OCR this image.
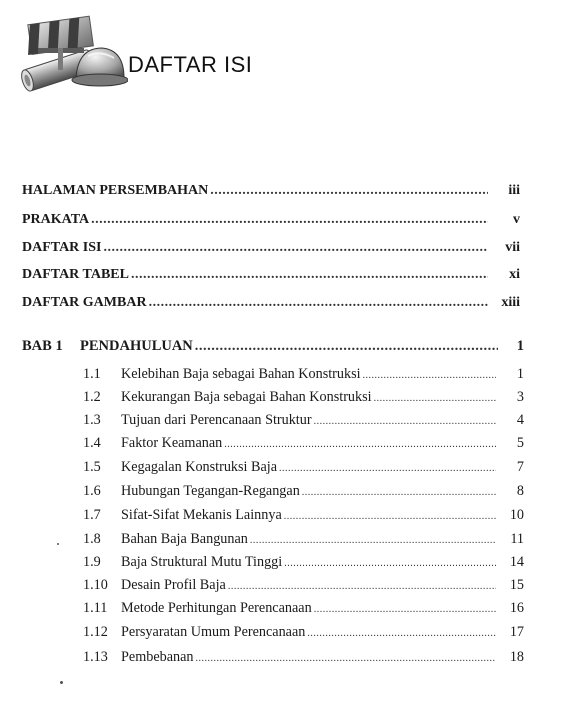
DAFTAR ISI
HALAMAN PERSEMBAHAN .....	iii
PRAKATA .....	v
DAFTAR ISI .....	vii
DAFTAR TABEL .....	xi
DAFTAR GAMBAR .....	xiii
BAB 1	PENDAHULUAN .....	1
1.1	Kelebihan Baja sebagai Bahan Konstruksi .....	1
1.2	Kekurangan Baja sebagai Bahan Konstruksi .....	3
1.3	Tujuan dari Perencanaan Struktur .....	4
1.4	Faktor Keamanan .....	5
1.5	Kegagalan Konstruksi Baja .....	7
1.6	Hubungan Tegangan-Regangan .....	8
1.7	Sifat-Sifat Mekanis Lainnya .....	10
1.8	Bahan Baja Bangunan .....	11
1.9	Baja Struktural Mutu Tinggi .....	14
1.10 Desain Profil Baja .....	15
1.11 Metode Perhitungan Perencanaan .....	16
1.12 Persyaratan Umum Perencanaan .....	17
1.13 Pembebanan .....	18
